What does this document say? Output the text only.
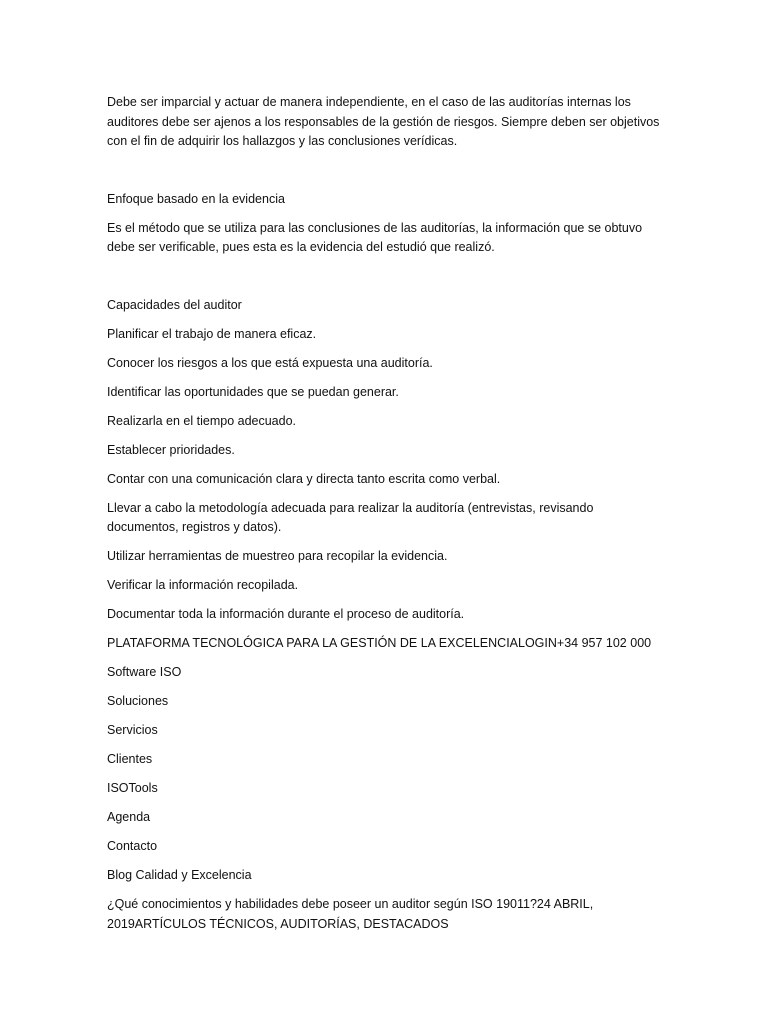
Debe ser imparcial y actuar de manera independiente, en el caso de las auditorías internas los auditores debe ser ajenos a los responsables de la gestión de riesgos. Siempre deben ser objetivos con el fin de adquirir los hallazgos y las conclusiones verídicas.

Enfoque basado en la evidencia

Es el método que se utiliza para las conclusiones de las auditorías, la información que se obtuvo debe ser verificable, pues esta es la evidencia del estudió que realizó.

Capacidades del auditor

Planificar el trabajo de manera eficaz.

Conocer los riesgos a los que está expuesta una auditoría.

Identificar las oportunidades que se puedan generar.

Realizarla en el tiempo adecuado.

Establecer prioridades.

Contar con una comunicación clara y directa tanto escrita como verbal.

Llevar a cabo la metodología adecuada para realizar la auditoría (entrevistas, revisando documentos, registros y datos).

Utilizar herramientas de muestreo para recopilar la evidencia.

Verificar la información recopilada.

Documentar toda la información durante el proceso de auditoría.

PLATAFORMA TECNOLÓGICA PARA LA GESTIÓN DE LA EXCELENCIALOGIN+34 957 102 000

Software ISO

Soluciones

Servicios

Clientes

ISOTools

Agenda

Contacto

Blog Calidad y Excelencia

¿Qué conocimientos y habilidades debe poseer un auditor según ISO 19011?24 ABRIL, 2019ARTÍCULOS TÉCNICOS, AUDITORÍAS, DESTACADOS
